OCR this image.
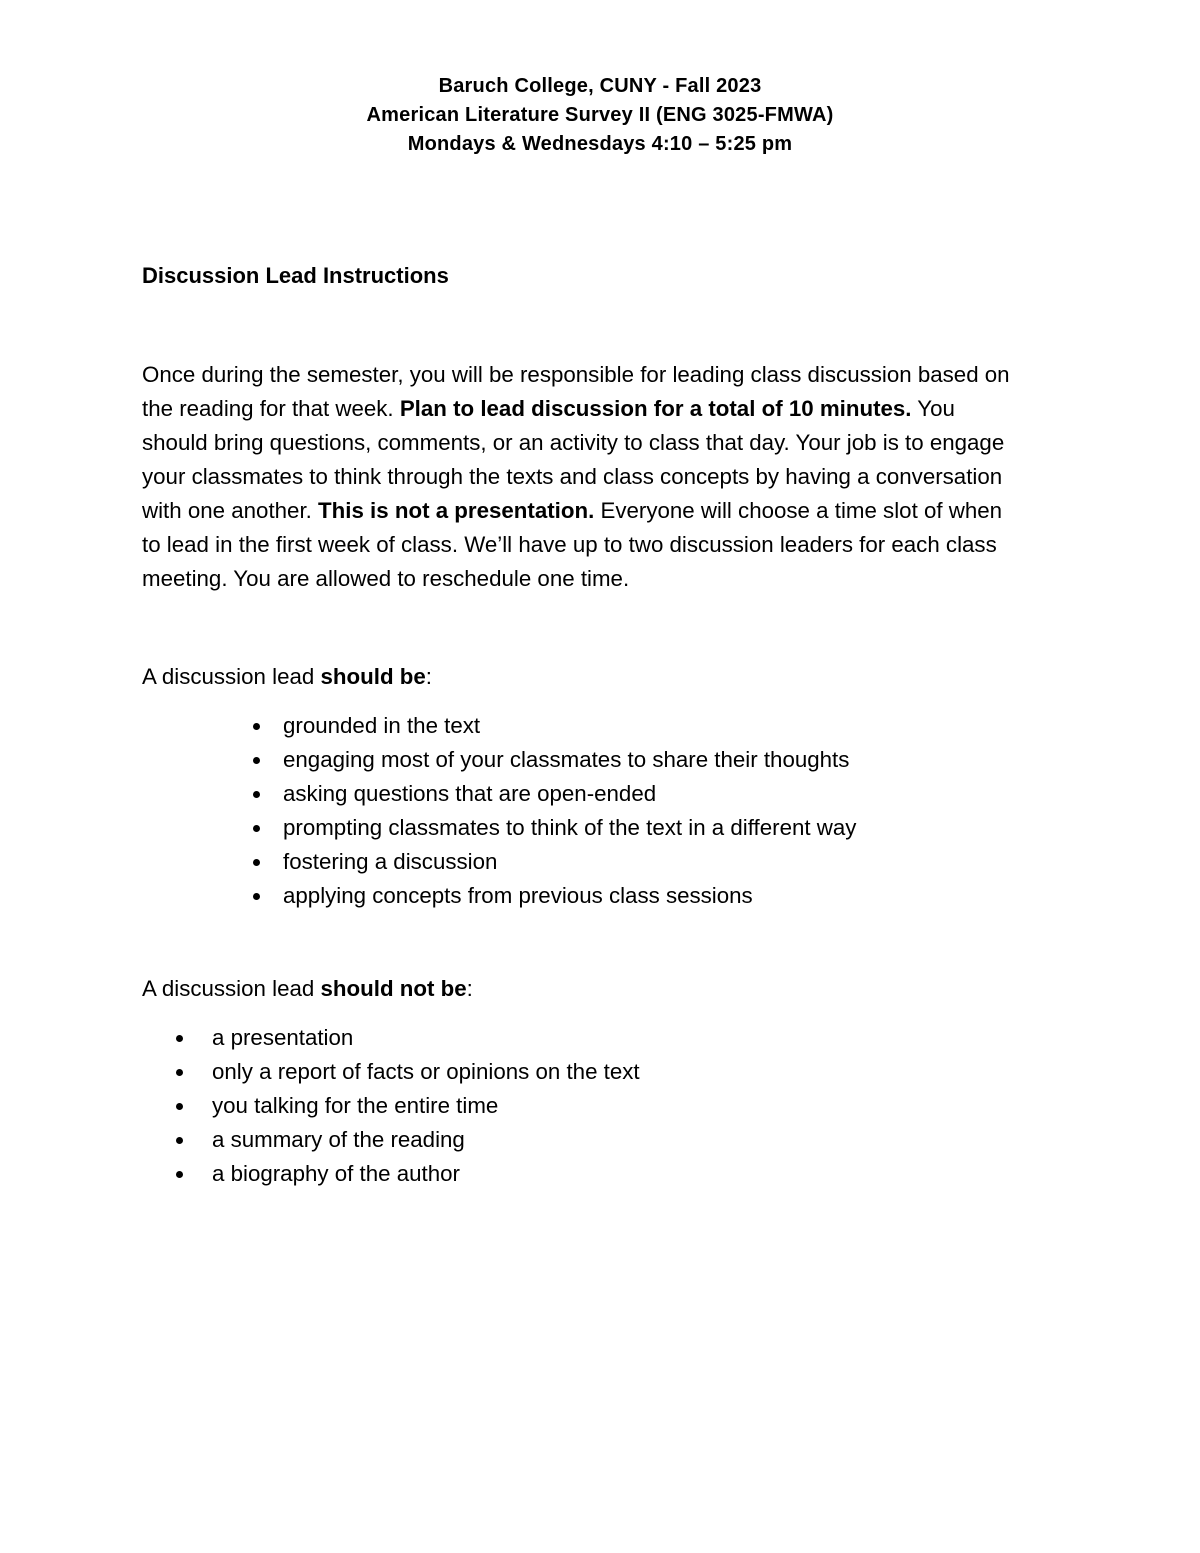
Baruch College, CUNY - Fall 2023
American Literature Survey II (ENG 3025-FMWA)
Mondays & Wednesdays 4:10 – 5:25 pm
Discussion Lead Instructions
Once during the semester, you will be responsible for leading class discussion based on
the reading for that week. Plan to lead discussion for a total of 10 minutes. You
should bring questions, comments, or an activity to class that day. Your job is to engage
your classmates to think through the texts and class concepts by having a conversation
with one another. This is not a presentation. Everyone will choose a time slot of when
to lead in the first week of class. We’ll have up to two discussion leaders for each class
meeting. You are allowed to reschedule one time.
A discussion lead should be:
grounded in the text
engaging most of your classmates to share their thoughts
asking questions that are open-ended
prompting classmates to think of the text in a different way
fostering a discussion
applying concepts from previous class sessions
A discussion lead should not be:
a presentation
only a report of facts or opinions on the text
you talking for the entire time
a summary of the reading
a biography of the author
